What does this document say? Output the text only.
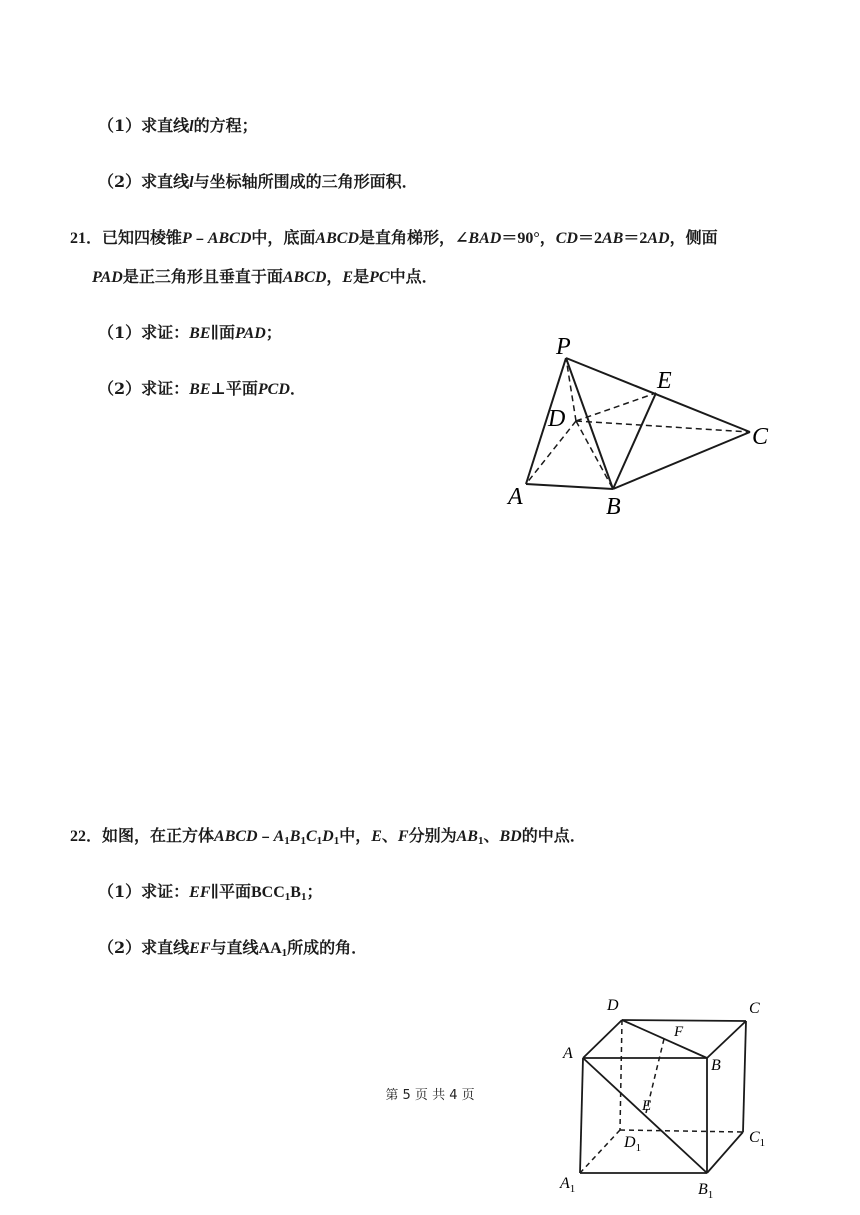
（1）求直线l的方程；
（2）求直线l与坐标轴所围成的三角形面积．
21．已知四棱锥P﹣ABCD中，底面ABCD是直角梯形，∠BAD＝90°，CD＝2AB＝2AD，侧面
PAD是正三角形且垂直于面ABCD，E是PC中点．
（1）求证：BE∥面PAD；
（2）求证：BE⊥平面PCD．
P
E
D
C
A	B
22．如图，在正方体$ABCD﹣A_1B_1C_1D_1$中，E、F分别为$AB_1$、BD的中点．
（1）求证：EF∥平面$BCC_1B_1$；
（2）求直线EF与直线$AA_1$所成的角．
D	C
F
A
B
E
$D_1$
$C_1$
$A_1$	$B_1$
第 5 页 共 4 页
